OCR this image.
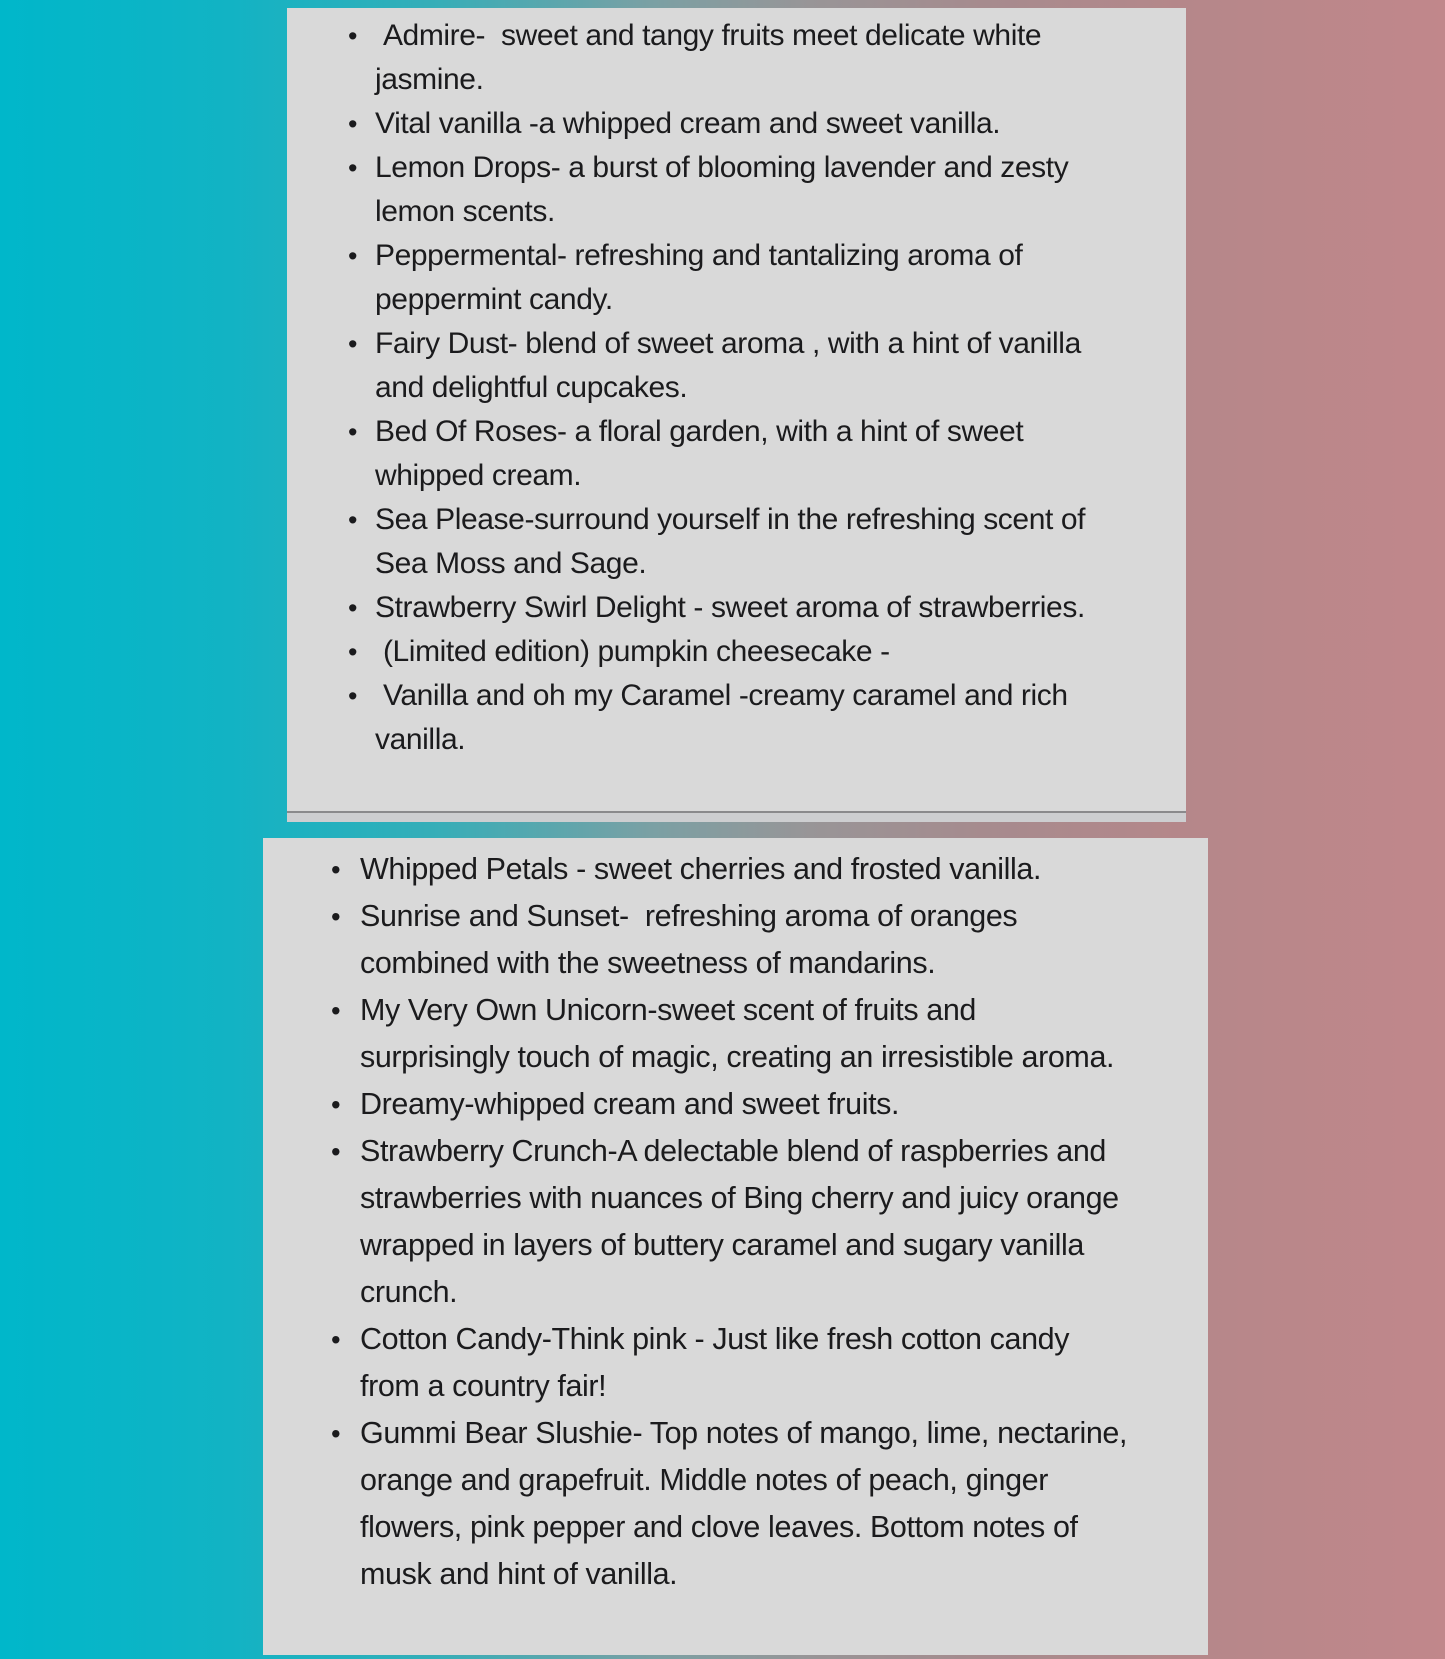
• Admire-  sweet and tangy fruits meet delicate white jasmine.
• Vital vanilla -a whipped cream and sweet vanilla.
• Lemon Drops- a burst of blooming lavender and zesty lemon scents.
• Peppermental- refreshing and tantalizing aroma of peppermint candy.
• Fairy Dust- blend of sweet aroma , with a hint of vanilla and delightful cupcakes.
• Bed Of Roses- a floral garden, with a hint of sweet whipped cream.
• Sea Please-surround yourself in the refreshing scent of Sea Moss and Sage.
• Strawberry Swirl Delight - sweet aroma of strawberries.
• (Limited edition) pumpkin cheesecake -
• Vanilla and oh my Caramel -creamy caramel and rich vanilla.
• Whipped Petals - sweet cherries and frosted vanilla.
• Sunrise and Sunset-  refreshing aroma of oranges combined with the sweetness of mandarins.
• My Very Own Unicorn-sweet scent of fruits and surprisingly touch of magic, creating an irresistible aroma.
• Dreamy-whipped cream and sweet fruits.
• Strawberry Crunch-A delectable blend of raspberries and strawberries with nuances of Bing cherry and juicy orange wrapped in layers of buttery caramel and sugary vanilla crunch.
• Cotton Candy-Think pink - Just like fresh cotton candy from a country fair!
• Gummi Bear Slushie- Top notes of mango, lime, nectarine, orange and grapefruit. Middle notes of peach, ginger flowers, pink pepper and clove leaves. Bottom notes of musk and hint of vanilla.
